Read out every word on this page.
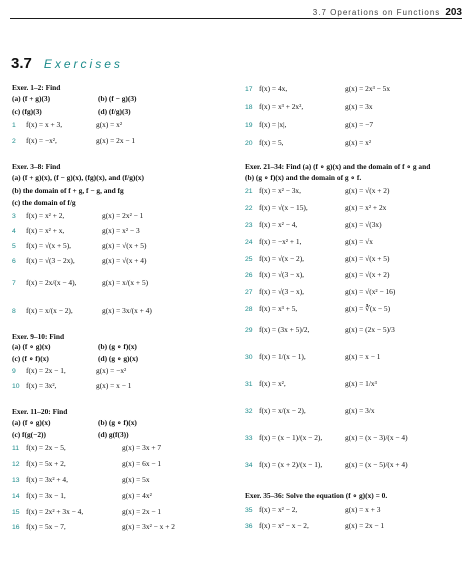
3.7 Operations on Functions 203
3.7 Exercises
Exer. 1–2: Find
(a) (f + g)(3)	(b) (f − g)(3)
(c) (fg)(3)	(d) (f/g)(3)
1 f(x) = x + 3,	g(x) = x²
2 f(x) = −x²,	g(x) = 2x − 1
Exer. 3–8: Find
(a) (f + g)(x), (f − g)(x), (fg)(x), and (f/g)(x)
(b) the domain of f + g, f − g, and fg
(c) the domain of f/g
3 f(x) = x² + 2,	g(x) = 2x² − 1
4 f(x) = x² + x,	g(x) = x² − 3
5 f(x) = √(x + 5),	g(x) = √(x + 5)
6 f(x) = √(3 − 2x),	g(x) = √(x + 4)
7 f(x) = 2x/(x − 4),	g(x) = x/(x + 5)
8 f(x) = x/(x − 2),	g(x) = 3x/(x + 4)
Exer. 9–10: Find
(a) (f ∘ g)(x)	(b) (g ∘ f)(x)
(c) (f ∘ f)(x)	(d) (g ∘ g)(x)
9 f(x) = 2x − 1,	g(x) = −x²
10 f(x) = 3x²,	g(x) = x − 1
Exer. 11–20: Find
(a) (f ∘ g)(x)	(b) (g ∘ f)(x)
(c) f(g(−2))	(d) g(f(3))
11 f(x) = 2x − 5,	g(x) = 3x + 7
12 f(x) = 5x + 2,	g(x) = 6x − 1
13 f(x) = 3x² + 4,	g(x) = 5x
14 f(x) = 3x − 1,	g(x) = 4x²
15 f(x) = 2x² + 3x − 4,	g(x) = 2x − 1
16 f(x) = 5x − 7,	g(x) = 3x² − x + 2
17 f(x) = 4x,	g(x) = 2x³ − 5x
18 f(x) = x³ + 2x²,	g(x) = 3x
19 f(x) = |x|,	g(x) = −7
20 f(x) = 5,	g(x) = x²
Exer. 21–34: Find (a) (f ∘ g)(x) and the domain of f ∘ g and
(b) (g ∘ f)(x) and the domain of g ∘ f.
21 f(x) = x² − 3x,	g(x) = √(x + 2)
22 f(x) = √(x − 15),	g(x) = x² + 2x
23 f(x) = x² − 4,	g(x) = √(3x)
24 f(x) = −x² + 1,	g(x) = √x
25 f(x) = √(x − 2),	g(x) = √(x + 5)
26 f(x) = √(3 − x),	g(x) = √(x + 2)
27 f(x) = √(3 − x),	g(x) = √(x² − 16)
28 f(x) = x³ + 5,	g(x) = ∛(x − 5)
29 f(x) = (3x + 5)/2,	g(x) = (2x − 5)/3
30 f(x) = 1/(x − 1),	g(x) = x − 1
31 f(x) = x²,	g(x) = 1/x³
32 f(x) = x/(x − 2),	g(x) = 3/x
33 f(x) = (x − 1)/(x − 2),	g(x) = (x − 3)/(x − 4)
34 f(x) = (x + 2)/(x − 1),	g(x) = (x − 5)/(x + 4)
Exer. 35–36: Solve the equation (f ∘ g)(x) = 0.
35 f(x) = x² − 2,	g(x) = x + 3
36 f(x) = x² − x − 2,	g(x) = 2x − 1
